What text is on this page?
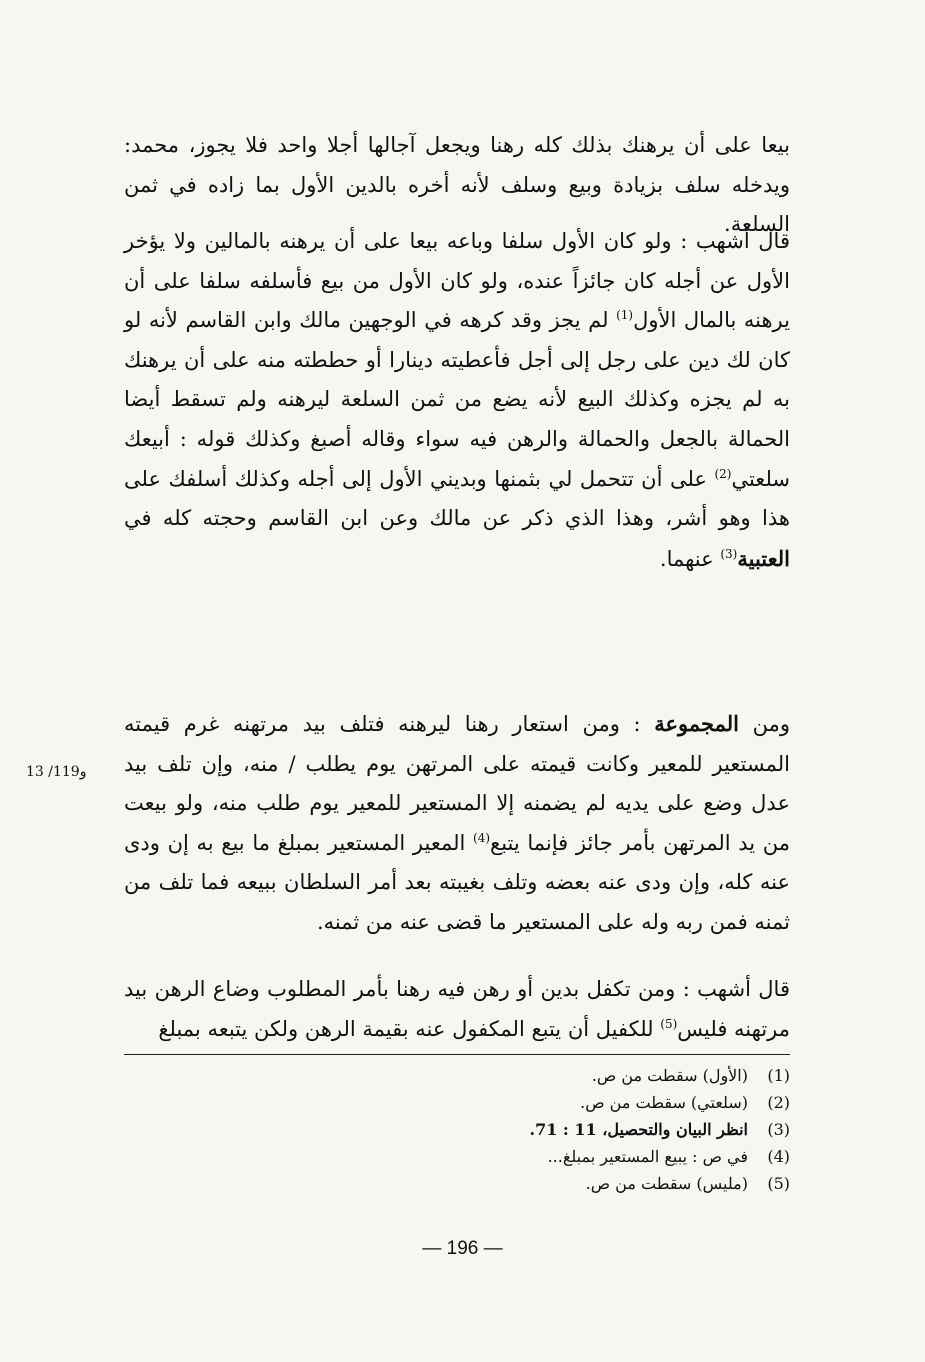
بيعا على أن يرهنك بذلك كله رهنا ويجعل آجالها أجلا واحد فلا يجوز، محمد: ويدخله سلف بزيادة وبيع وسلف لأنه أخره بالدين الأول بما زاده في ثمن السلعة.

قال أشهب : ولو كان الأول سلفا وباعه بيعا على أن يرهنه بالمالين ولا يؤخر الأول عن أجله كان جائزاً عنده، ولو كان الأول من بيع فأسلفه سلفا على أن يرهنه بالمال الأول$^{(1)}$ لم يجز وقد كرهه في الوجهين مالك وابن القاسم لأنه لو كان لك دين على رجل إلى أجل فأعطيته دينارا أو حططته منه على أن يرهنك به لم يجزه وكذلك البيع لأنه يضع من ثمن السلعة ليرهنه ولم تسقط أيضا الحمالة بالجعل والحمالة والرهن فيه سواء وقاله أصبغ وكذلك قوله : أبيعك سلعتي$^{(2)}$ على أن تتحمل لي بثمنها وبديني الأول إلى أجله وكذلك أسلفك على هذا وهو أشر، وهذا الذي ذكر عن مالك وعن ابن القاسم وحجته كله في العتبية$^{(3)}$ عنهما.

ومن المجموعة : ومن استعار رهنا ليرهنه فتلف بيد مرتهنه غرم قيمته المستعير للمعير وكانت قيمته على المرتهن يوم يطلب / منه، وإن تلف بيد عدل وضع على يديه لم يضمنه إلا المستعير للمعير يوم طلب منه، ولو بيعت من يد المرتهن بأمر جائز فإنما يتبع$^{(4)}$ المعير المستعير بمبلغ ما بيع به إن ودى عنه كله، وإن ودى عنه بعضه وتلف بغيبته بعد أمر السلطان ببيعه فما تلف من ثمنه فمن ربه وله على المستعير ما قضى عنه من ثمنه.

13 /119و

قال أشهب : ومن تكفل بدين أو رهن فيه رهنا بأمر المطلوب وضاع الرهن بيد مرتهنه فليس$^{(5)}$ للكفيل أن يتبع المكفول عنه بقيمة الرهن ولكن يتبعه بمبلغ

(1)(الأول) سقطت من ص.
(2)(سلعتي) سقطت من ص.
(3)انظر البيان والتحصيل، 11 : 71.
(4)في ص : يبيع المستعير بمبلغ...
(5)(مليس) سقطت من ص.
— 196 —
